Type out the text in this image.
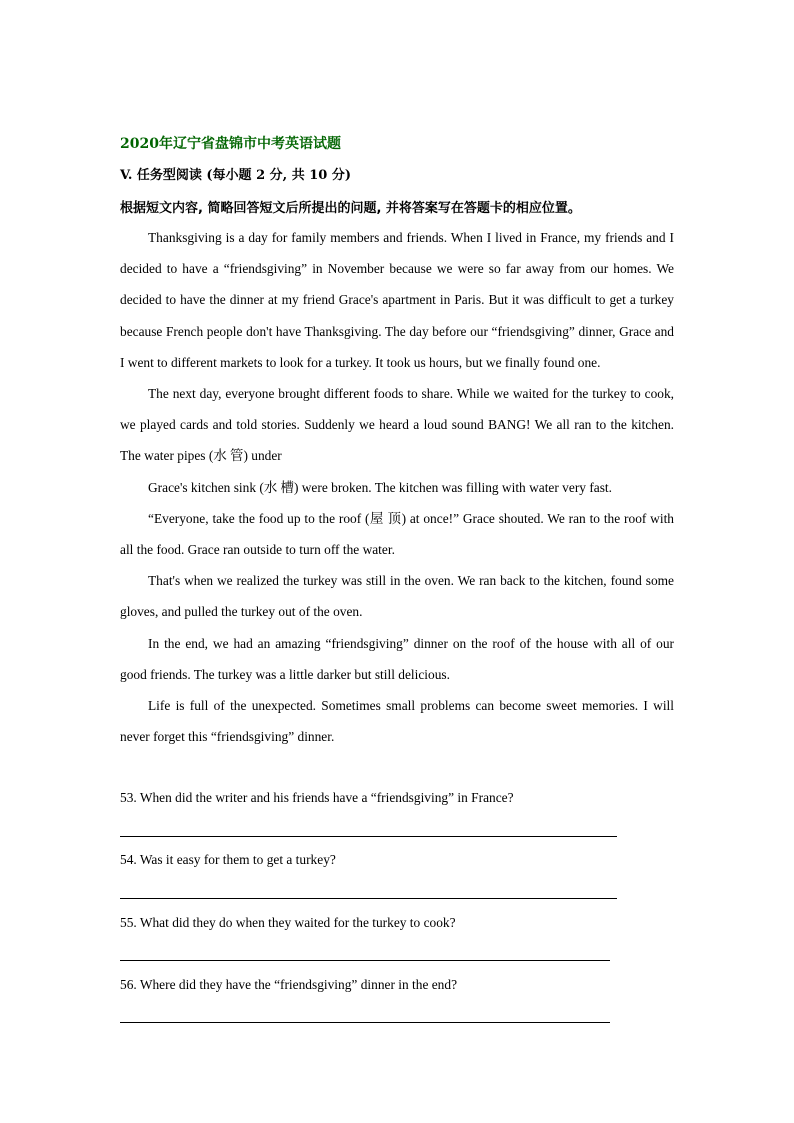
2020年辽宁省盘锦市中考英语试题
V. 任务型阅读 (每小题 2 分, 共 10 分)
根据短文内容, 简略回答短文后所提出的问题, 并将答案写在答题卡的相应位置。

Thanksgiving is a day for family members and friends. When I lived in France, my friends and I decided to have a “friendsgiving” in November because we were so far away from our homes. We decided to have the dinner at my friend Grace's apartment in Paris. But it was difficult to get a turkey because French people don't have Thanksgiving. The day before our “friendsgiving” dinner, Grace and I went to different markets to look for a turkey. It took us hours, but we finally found one.

The next day, everyone brought different foods to share. While we waited for the turkey to cook, we played cards and told stories. Suddenly we heard a loud sound BANG! We all ran to the kitchen. The water pipes (水 管) under

Grace's kitchen sink (水 槽) were broken. The kitchen was filling with water very fast.

“Everyone, take the food up to the roof (屋 顶) at once!” Grace shouted. We ran to the roof with all the food. Grace ran outside to turn off the water.

That's when we realized the turkey was still in the oven. We ran back to the kitchen, found some gloves, and pulled the turkey out of the oven.

In the end, we had an amazing “friendsgiving” dinner on the roof of the house with all of our good friends. The turkey was a little darker but still delicious.

Life is full of the unexpected. Sometimes small problems can become sweet memories. I will never forget this “friendsgiving” dinner.

53. When did the writer and his friends have a “friendsgiving” in France?
54. Was it easy for them to get a turkey?
55. What did they do when they waited for the turkey to cook?
56. Where did they have the “friendsgiving” dinner in the end?
